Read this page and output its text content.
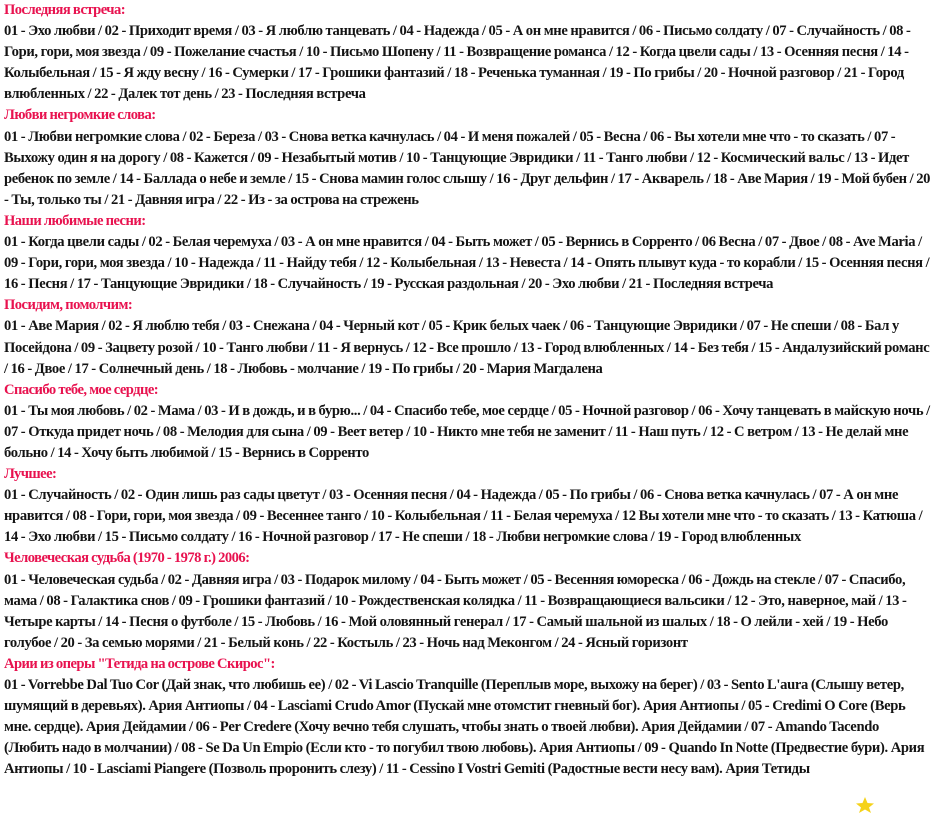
Последняя встреча:
01 - Эхо любви / 02 - Приходит время / 03 - Я люблю танцевать / 04 - Надежда / 05 - А он мне нравится / 06 - Письмо солдату / 07 - Случайность / 08 - Гори, гори, моя звезда / 09 - Пожелание счастья / 10 - Письмо Шопену / 11 - Возвращение романса / 12 - Когда цвели сады / 13 - Осенняя песня / 14 - Колыбельная / 15 - Я жду весну / 16 - Сумерки / 17 - Грошики фантазий / 18 - Реченька туманная / 19 - По грибы / 20 - Ночной разговор / 21 - Город влюбленных / 22 - Далек тот день / 23 - Последняя встреча
Любви негромкие слова:
01 - Любви негромкие слова / 02 - Береза / 03 - Снова ветка качнулась / 04 - И меня пожалей / 05 - Весна / 06 - Вы хотели мне что - то сказать / 07 - Выхожу один я на дорогу / 08 - Кажется / 09 - Незабытый мотив / 10 - Танцующие Эвридики / 11 - Танго любви / 12 - Космический вальс / 13 - Идет ребенок по земле / 14 - Баллада о небе и земле / 15 - Снова мамин голос слышу / 16 - Друг дельфин / 17 - Акварель / 18 - Аве Мария / 19 - Мой бубен / 20 - Ты, только ты / 21 - Давняя игра / 22 - Из - за острова на стрежень
Наши любимые песни:
01 - Когда цвели сады / 02 - Белая черемуха / 03 - А он мне нравится / 04 - Быть может / 05 - Вернись в Сорренто / 06 Весна / 07 - Двое / 08 - Ave Maria / 09 - Гори, гори, моя звезда / 10 - Надежда / 11 - Найду тебя / 12 - Колыбельная / 13 - Невеста / 14 - Опять плывут куда - то корабли / 15 - Осенняя песня / 16 - Песня / 17 - Танцующие Эвридики / 18 - Случайность / 19 - Русская раздольная / 20 - Эхо любви / 21 - Последняя встреча
Посидим, помолчим:
01 - Аве Мария / 02 - Я люблю тебя / 03 - Снежана / 04 - Черный кот / 05 - Крик белых чаек / 06 - Танцующие Эвридики / 07 - Не спеши / 08 - Бал у Посейдона / 09 - Зацвету розой / 10 - Танго любви / 11 - Я вернусь / 12 - Все прошло / 13 - Город влюбленных / 14 - Без тебя / 15 - Андалузийский романс / 16 - Двое / 17 - Солнечный день / 18 - Любовь - молчание / 19 - По грибы / 20 - Мария Магдалена
Спасибо тебе, мое сердце:
01 - Ты моя любовь / 02 - Мама / 03 - И в дождь, и в бурю... / 04 - Спасибо тебе, мое сердце / 05 - Ночной разговор / 06 - Хочу танцевать в майскую ночь / 07 - Откуда придет ночь / 08 - Мелодия для сына / 09 - Веет ветер / 10 - Никто мне тебя не заменит / 11 - Наш путь / 12 - С ветром / 13 - Не делай мне больно / 14 - Хочу быть любимой / 15 - Вернись в Сорренто
Лучшее:
01 - Случайность / 02 - Один лишь раз сады цветут / 03 - Осенняя песня / 04 - Надежда / 05 - По грибы / 06 - Снова ветка качнулась / 07 - А он мне нравится / 08 - Гори, гори, моя звезда / 09 - Весеннее танго / 10 - Колыбельная / 11 - Белая черемуха / 12 Вы хотели мне что - то сказать / 13 - Катюша / 14 - Эхо любви / 15 - Письмо солдату / 16 - Ночной разговор / 17 - Не спеши / 18 - Любви негромкие слова / 19 - Город влюбленных
Человеческая судьба (1970 - 1978 г.) 2006:
01 - Человеческая судьба / 02 - Давняя игра / 03 - Подарок милому / 04 - Быть может / 05 - Весенняя юмореска / 06 - Дождь на стекле / 07 - Спасибо, мама / 08 - Галактика снов / 09 - Грошики фантазий / 10 - Рождественская колядка / 11 - Возвращающиеся вальсики / 12 - Это, наверное, май / 13 - Четыре карты / 14 - Песня о футболе / 15 - Любовь / 16 - Мой оловянный генерал / 17 - Самый шальной из шалых / 18 - О лейли - хей / 19 - Небо голубое / 20 - За семью морями / 21 - Белый конь / 22 - Костыль / 23 - Ночь над Меконгом / 24 - Ясный горизонт
Арии из оперы "Тетида на острове Скирос":
01 - Vorrebbe Dal Tuo Cor (Дай знак, что любишь ее) / 02 - Vi Lascio Tranquille (Переплыв море, выхожу на берег) / 03 - Sento L'aura (Слышу ветер, шумящий в деревьях). Ария Антиопы / 04 - Lasciami Crudo Amor (Пускай мне отомстит гневный бог). Ария Антиопы / 05 - Credimi O Core (Верь мне. сердце). Ария Дейдамии / 06 - Per Credere (Хочу вечно тебя слушать, чтобы знать о твоей любви). Ария Дейдамии / 07 - Amando Tacendo (Любить надо в молчании) / 08 - Se Da Un Empio (Если кто - то погубил твою любовь). Ария Антиопы / 09 - Quando In Notte (Предвестие бури). Ария Антиопы / 10 - Lasciami Piangere (Позволь проронить слезу) / 11 - Cessino I Vostri Gemiti (Радостные вести несу вам). Ария Тетиды
